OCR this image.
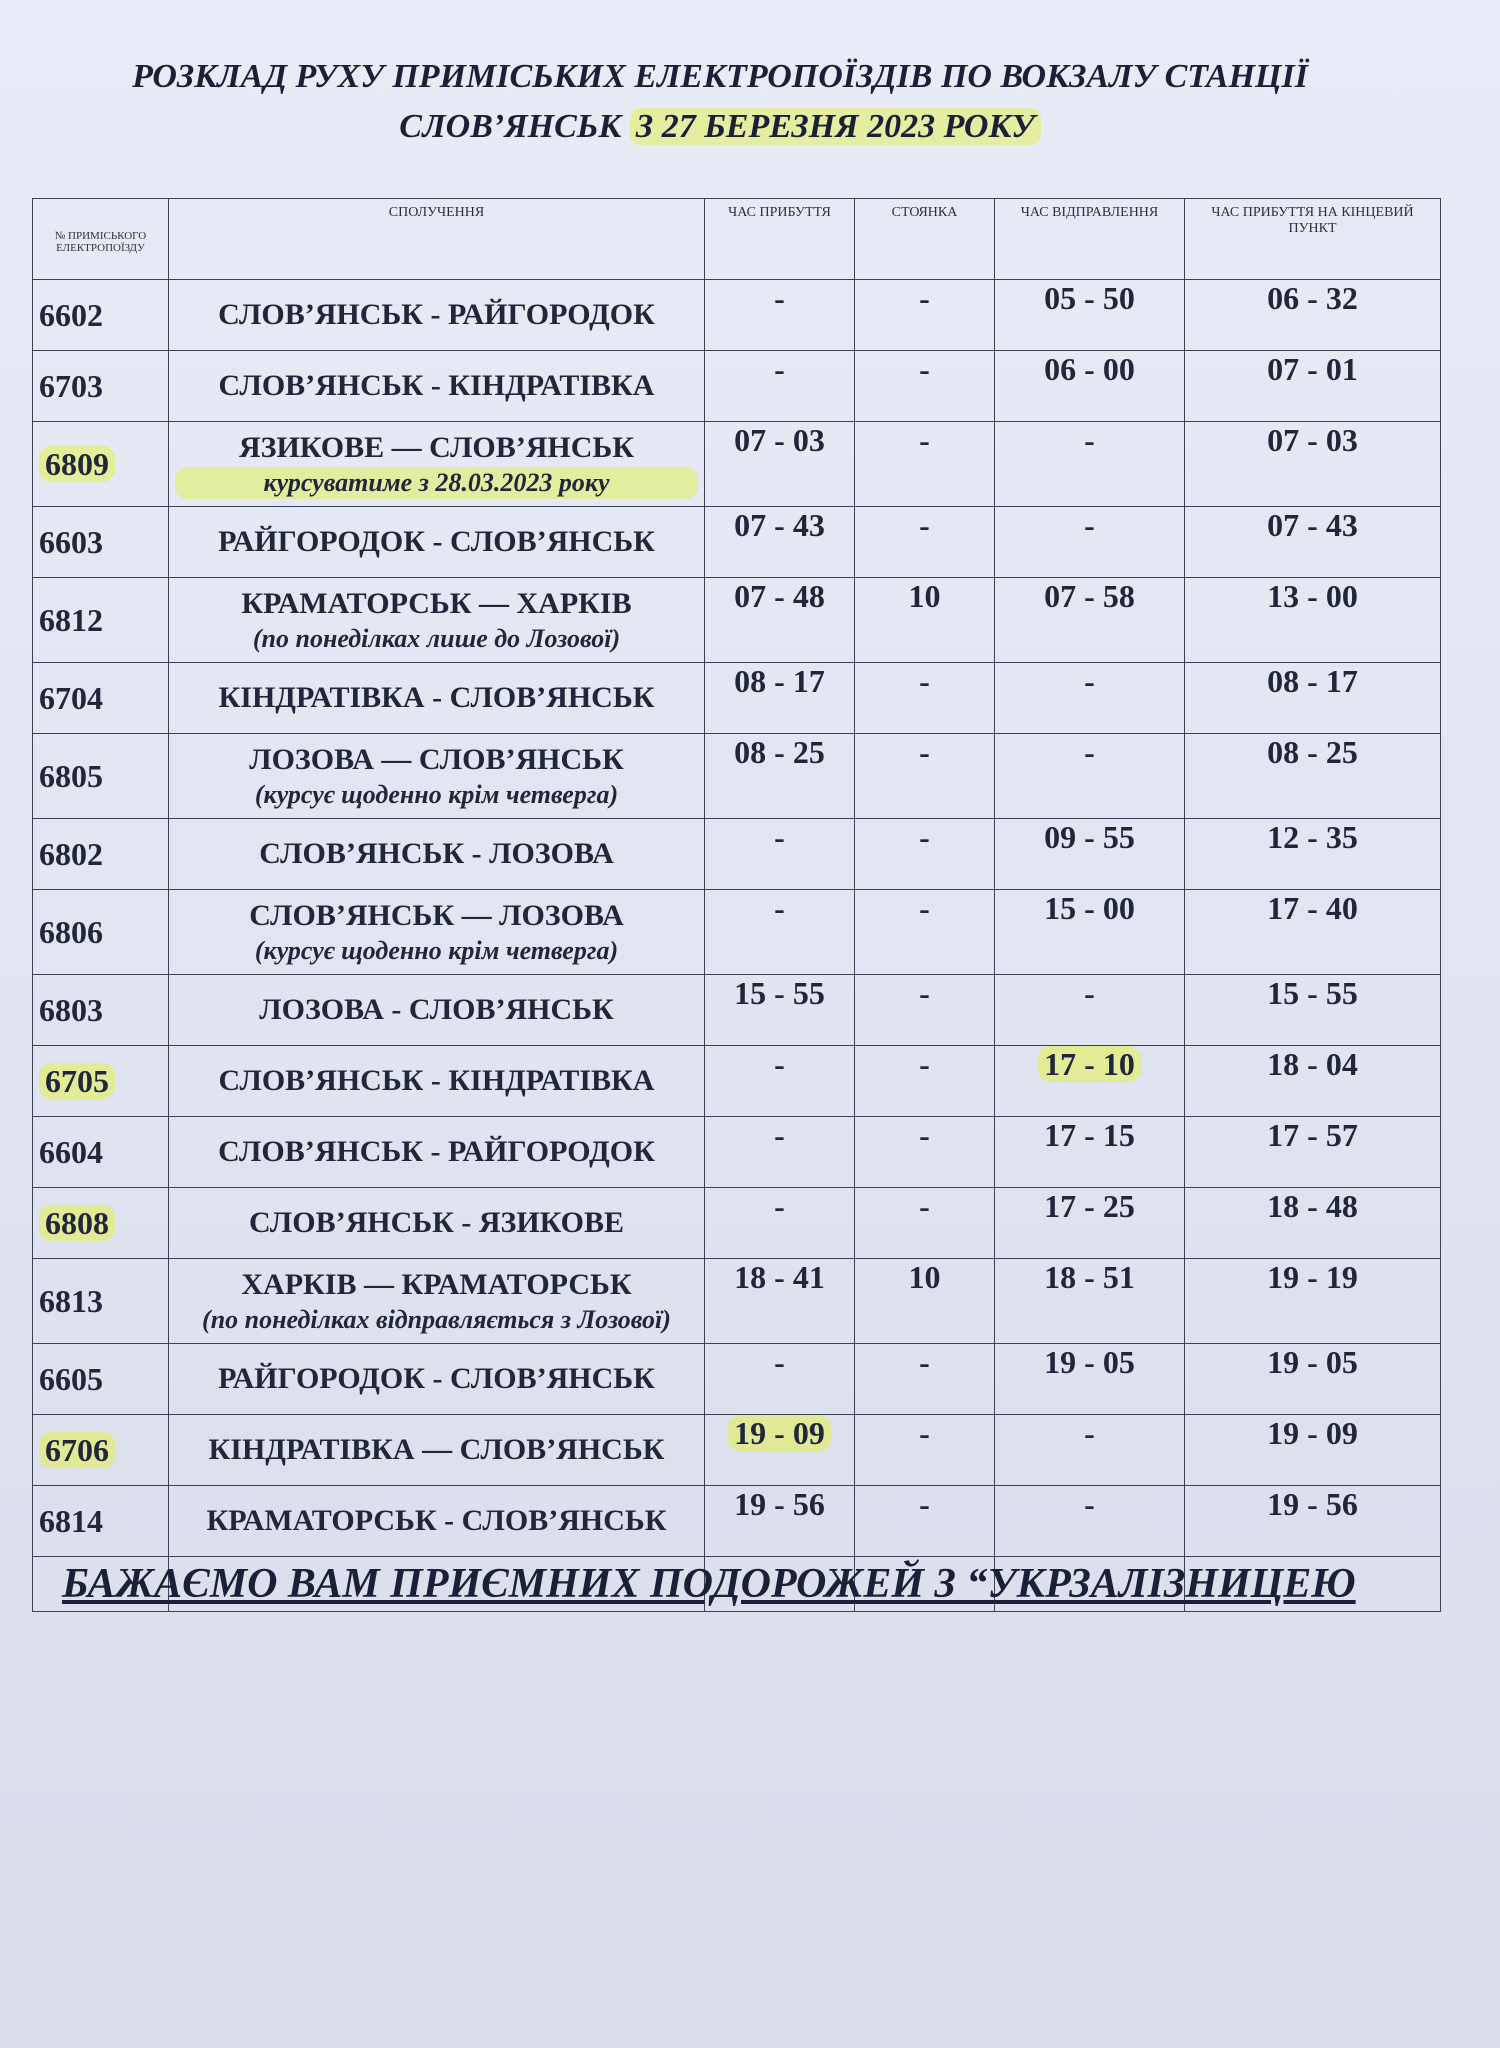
РОЗКЛАД РУХУ ПРИМІСЬКИХ ЕЛЕКТРОПОЇЗДІВ ПО ВОКЗАЛУ СТАНЦІЇ
СЛОВ’ЯНСЬК З 27 БЕРЕЗНЯ 2023 РОКУ
№ ПРИМІСЬКОГО ЕЛЕКТРОПОЇЗДУ	СПОЛУЧЕННЯ	ЧАС ПРИБУТТЯ	СТОЯНКА	ЧАС ВІДПРАВЛЕННЯ	ЧАС ПРИБУТТЯ НА КІНЦЕВИЙ ПУНКТ
6602	СЛОВ’ЯНСЬК - РАЙГОРОДОК	-	-	05 - 50	06 - 32
6703	СЛОВ’ЯНСЬК - КІНДРАТІВКА	-	-	06 - 00	07 - 01
6809	ЯЗИКОВЕ — СЛОВ’ЯНСЬК
курсуватиме з 28.03.2023 року	07 - 03	-	-	07 - 03
6603	РАЙГОРОДОК - СЛОВ’ЯНСЬК	07 - 43	-	-	07 - 43
6812	КРАМАТОРСЬК — ХАРКІВ
(по понеділках лише до Лозової)	07 - 48	10	07 - 58	13 - 00
6704	КІНДРАТІВКА - СЛОВ’ЯНСЬК	08 - 17	-	-	08 - 17
6805	ЛОЗОВА — СЛОВ’ЯНСЬК
(курсує щоденно крім четверга)	08 - 25	-	-	08 - 25
6802	СЛОВ’ЯНСЬК - ЛОЗОВА	-	-	09 - 55	12 - 35
6806	СЛОВ’ЯНСЬК — ЛОЗОВА
(курсує щоденно крім четверга)	-	-	15 - 00	17 - 40
6803	ЛОЗОВА - СЛОВ’ЯНСЬК	15 - 55	-	-	15 - 55
6705	СЛОВ’ЯНСЬК - КІНДРАТІВКА	-	-	17 - 10	18 - 04
6604	СЛОВ’ЯНСЬК - РАЙГОРОДОК	-	-	17 - 15	17 - 57
6808	СЛОВ’ЯНСЬК - ЯЗИКОВЕ	-	-	17 - 25	18 - 48
6813	ХАРКІВ — КРАМАТОРСЬК
(по понеділках відправляється з Лозової)	18 - 41	10	18 - 51	19 - 19
6605	РАЙГОРОДОК - СЛОВ’ЯНСЬК	-	-	19 - 05	19 - 05
6706	КІНДРАТІВКА — СЛОВ’ЯНСЬК	19 - 09	-	-	19 - 09
6814	КРАМАТОРСЬК - СЛОВ’ЯНСЬК	19 - 56	-	-	19 - 56

БАЖАЄМО ВАМ ПРИЄМНИХ ПОДОРОЖЕЙ З “УКРЗАЛІЗНИЦЕЮ
